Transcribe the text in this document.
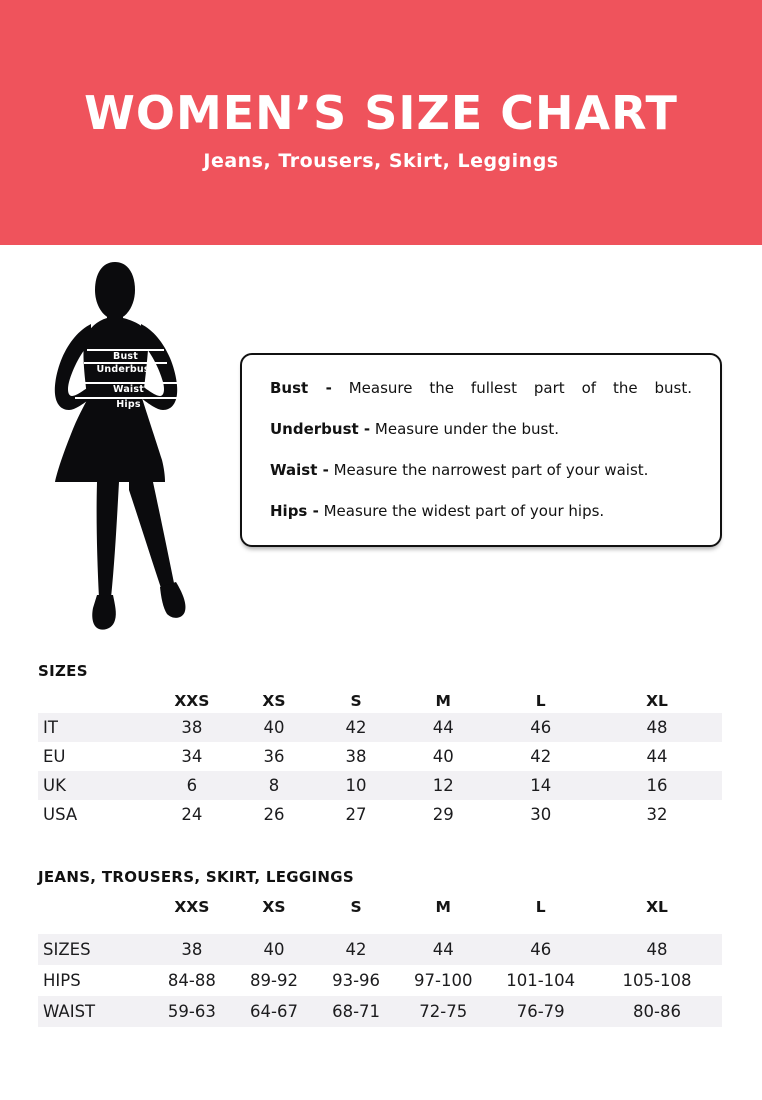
WOMEN’S SIZE CHART
Jeans, Trousers, Skirt, Leggings
Bust
Underbust
Waist
Hips

Bust - Measure the fullest part of the bust.

Underbust - Measure under the bust.

Waist - Measure the narrowest part of your waist.

Hips - Measure the widest part of your hips.

SIZES
	XXS	XS	S	M	L	XL
IT	38	40	42	44	46	48
EU	34	36	38	40	42	44
UK	6	8	10	12	14	16
USA	24	26	27	29	30	32
JEANS, TROUSERS, SKIRT, LEGGINGS
	XXS	XS	S	M	L	XL

SIZES	38	40	42	44	46	48
HIPS	84-88	89-92	93-96	97-100	101-104	105-108
WAIST	59-63	64-67	68-71	72-75	76-79	80-86
